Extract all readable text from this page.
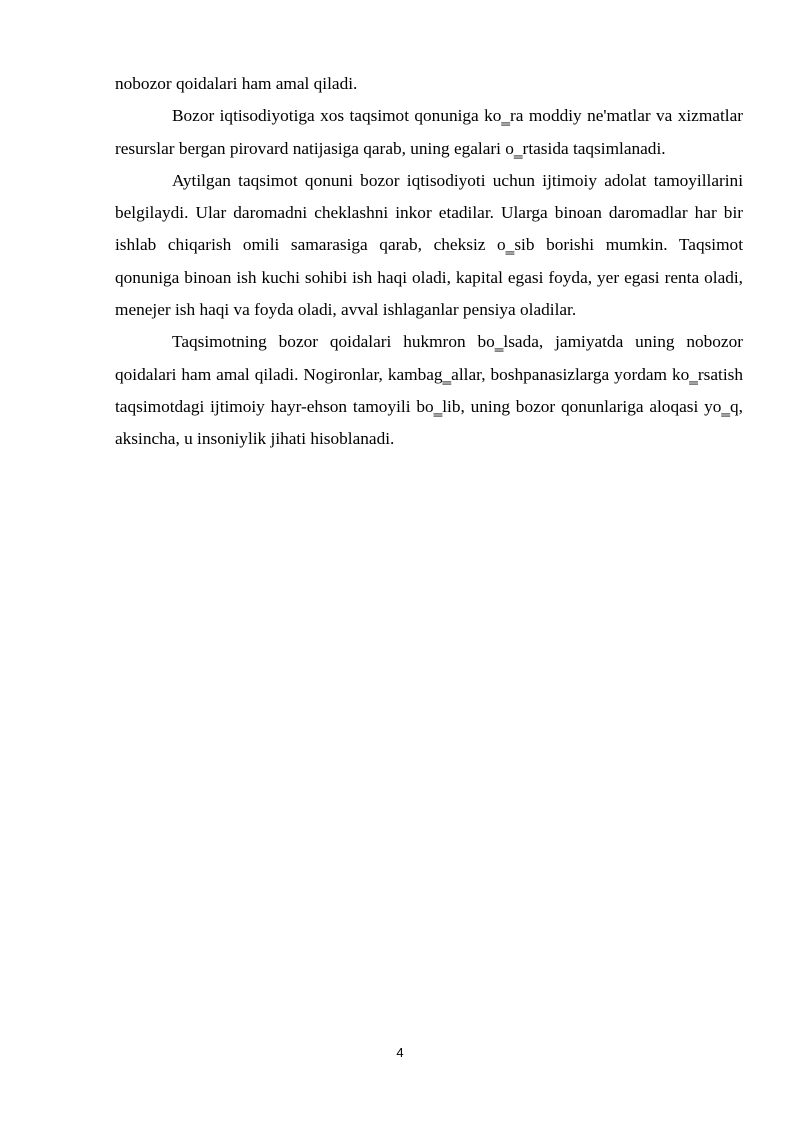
nobozor qoidalari ham amal qiladi.

Bozor iqtisodiyotiga xos taqsimot qonuniga ko‗ra moddiy ne'matlar va xizmatlar resurslar bergan pirovard natijasiga qarab, uning egalari o‗rtasida taqsimlanadi.

Aytilgan taqsimot qonuni bozor iqtisodiyoti uchun ijtimoiy adolat tamoyillarini belgilaydi. Ular daromadni cheklashni inkor etadilar. Ularga binoan daromadlar har bir ishlab chiqarish omili samarasiga qarab, cheksiz o‗sib borishi mumkin. Taqsimot qonuniga binoan ish kuchi sohibi ish haqi oladi, kapital egasi foyda, yer egasi renta oladi, menejer ish haqi va foyda oladi, avval ishlaganlar pensiya oladilar.

Taqsimotning bozor qoidalari hukmron bo‗lsada, jamiyatda uning nobozor qoidalari ham amal qiladi. Nogironlar, kambag‗allar, boshpanasizlarga yordam ko‗rsatish taqsimotdagi ijtimoiy hayr-ehson tamoyili bo‗lib, uning bozor qonunlariga aloqasi yo‗q, aksincha, u insoniylik jihati hisoblanadi.

4
